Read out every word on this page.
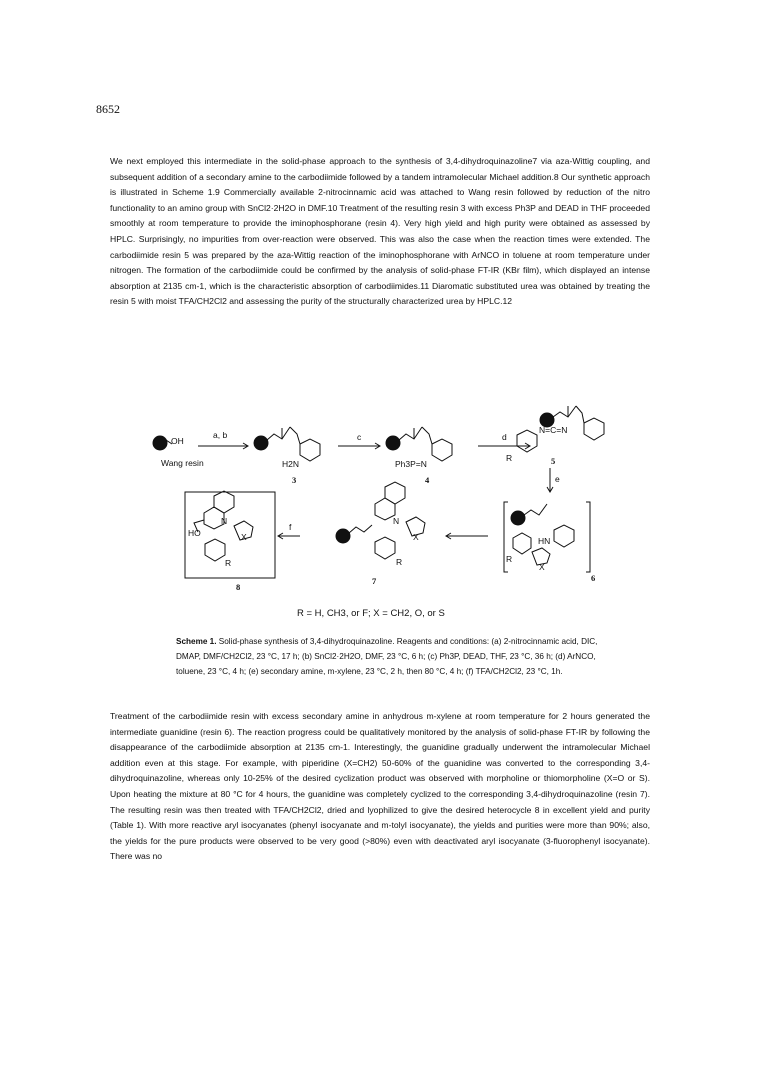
8652

We next employed this intermediate in the solid-phase approach to the synthesis of 3,4-dihydroquinazoline7 via aza-Wittig coupling, and subsequent addition of a secondary amine to the carbodiimide followed by a tandem intramolecular Michael addition.8 Our synthetic approach is illustrated in Scheme 1.9 Commercially available 2-nitrocinnamic acid was attached to Wang resin followed by reduction of the nitro functionality to an amino group with SnCl2·2H2O in DMF.10 Treatment of the resulting resin 3 with excess Ph3P and DEAD in THF proceeded smoothly at room temperature to provide the iminophosphorane (resin 4). Very high yield and high purity were obtained as assessed by HPLC. Surprisingly, no impurities from over-reaction were observed. This was also the case when the reaction times were extended. The carbodiimide resin 5 was prepared by the aza-Wittig reaction of the iminophosphorane with ArNCO in toluene at room temperature under nitrogen. The formation of the carbodiimide could be confirmed by the analysis of solid-phase FT-IR (KBr film), which displayed an intense absorption at 2135 cm-1, which is the characteristic absorption of carbodiimides.11 Diaromatic substituted urea was obtained by treating the resin 5 with moist TFA/CH2Cl2 and assessing the purity of the structurally characterized urea by HPLC.12

OH
a, b
Wang resin	H2N
3
c
Ph3P=N
4
d
N=C=N
R	5
e
HN
R
X
6
N
X
R
7
f
HO
N
X
R
8
R = H, CH3, or F; X = CH2, O, or S

Scheme 1. Solid-phase synthesis of 3,4-dihydroquinazoline. Reagents and conditions: (a) 2-nitrocinnamic acid, DIC, DMAP, DMF/CH2Cl2, 23 °C, 17 h; (b) SnCl2·2H2O, DMF, 23 °C, 6 h; (c) Ph3P, DEAD, THF, 23 °C, 36 h; (d) ArNCO, toluene, 23 °C, 4 h; (e) secondary amine, m-xylene, 23 °C, 2 h, then 80 °C, 4 h; (f) TFA/CH2Cl2, 23 °C, 1h.

Treatment of the carbodiimide resin with excess secondary amine in anhydrous m-xylene at room temperature for 2 hours generated the intermediate guanidine (resin 6). The reaction progress could be qualitatively monitored by the analysis of solid-phase FT-IR by following the disappearance of the carbodiimide absorption at 2135 cm-1. Interestingly, the guanidine gradually underwent the intramolecular Michael addition even at this stage. For example, with piperidine (X=CH2) 50-60% of the guanidine was converted to the corresponding 3,4-dihydroquinazoline, whereas only 10-25% of the desired cyclization product was observed with morpholine or thiomorpholine (X=O or S). Upon heating the mixture at 80 °C for 4 hours, the guanidine was completely cyclized to the corresponding 3,4-dihydroquinazoline (resin 7). The resulting resin was then treated with TFA/CH2Cl2, dried and lyophilized to give the desired heterocycle 8 in excellent yield and purity (Table 1). With more reactive aryl isocyanates (phenyl isocyanate and m-tolyl isocyanate), the yields and purities were more than 90%; also, the yields for the pure products were observed to be very good (>80%) even with deactivated aryl isocyanate (3-fluorophenyl isocyanate). There was no
